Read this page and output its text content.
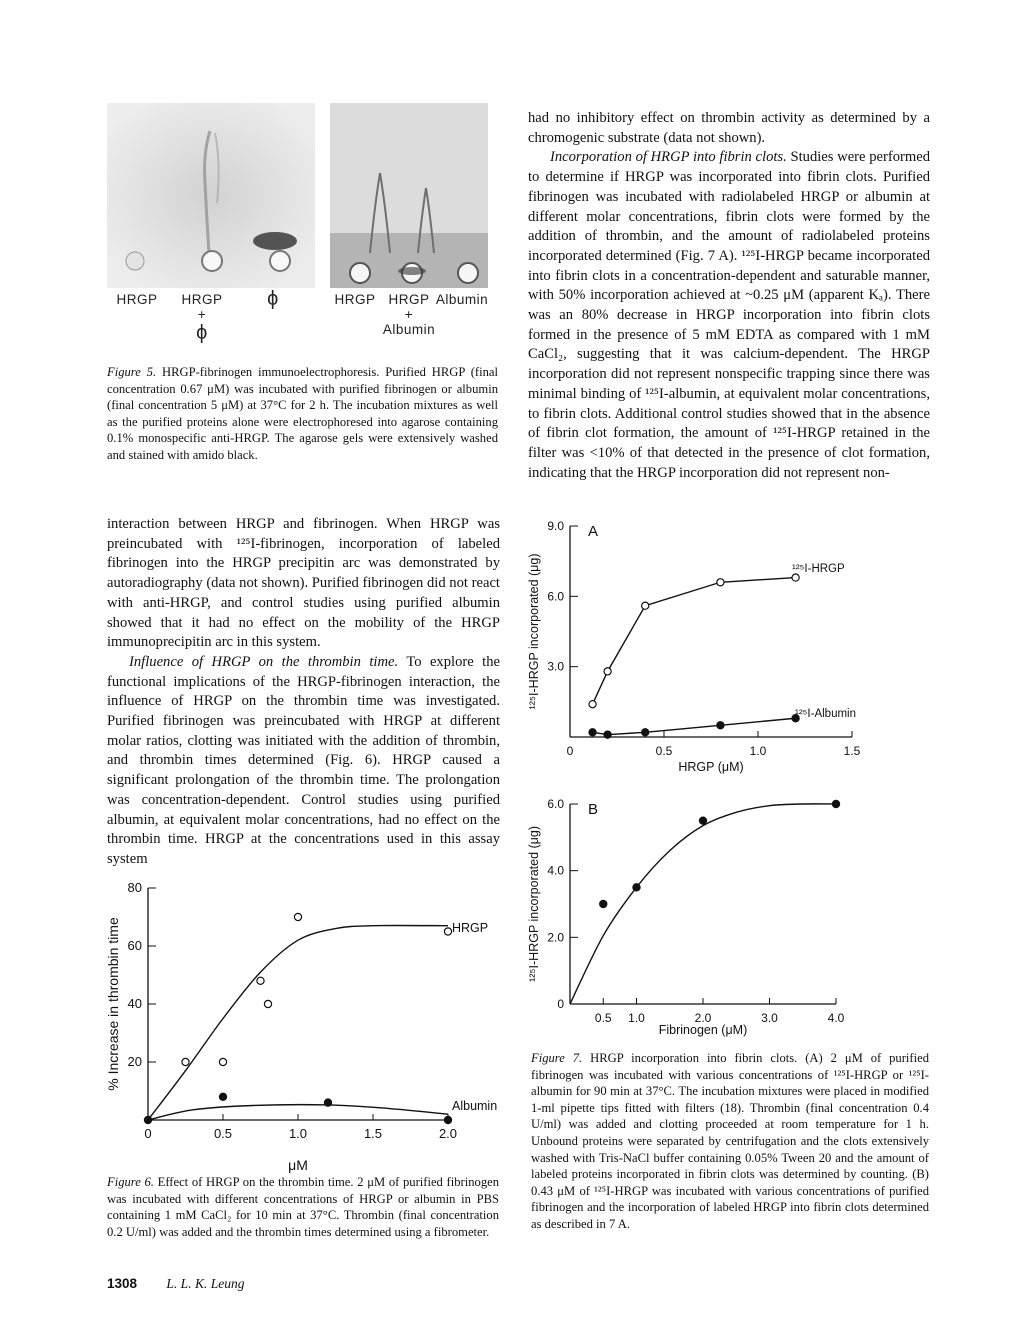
HRGP	HRGP
+
ϕ
ϕ	HRGP HRGP Albumin
+
Albumin
Figure 5. HRGP-fibrinogen immunoelectrophoresis. Purified HRGP (final concentration 0.67 μM) was incubated with purified fibrinogen or albumin (final concentration 5 μM) at 37°C for 2 h. The incubation mixtures as well as the purified proteins alone were electrophoresed into agarose containing 0.1% monospecific anti-HRGP. The agarose gels were extensively washed and stained with amido black.

interaction between HRGP and fibrinogen. When HRGP was preincubated with ¹²⁵I-fibrinogen, incorporation of labeled fibrinogen into the HRGP precipitin arc was demonstrated by autoradiography (data not shown). Purified fibrinogen did not react with anti-HRGP, and control studies using purified albumin showed that it had no effect on the mobility of the HRGP immunoprecipitin arc in this system.

Influence of HRGP on the thrombin time. To explore the functional implications of the HRGP-fibrinogen interaction, the influence of HRGP on the thrombin time was investigated. Purified fibrinogen was preincubated with HRGP at different molar ratios, clotting was initiated with the addition of thrombin, and thrombin times determined (Fig. 6). HRGP caused a significant prolongation of the thrombin time. The prolongation was concentration-dependent. Control studies using purified albumin, at equivalent molar concentrations, had no effect on the thrombin time. HRGP at the concentrations used in this assay system

had no inhibitory effect on thrombin activity as determined by a chromogenic substrate (data not shown).

Incorporation of HRGP into fibrin clots. Studies were performed to determine if HRGP was incorporated into fibrin clots. Purified fibrinogen was incubated with radiolabeled HRGP or albumin at different molar concentrations, fibrin clots were formed by the addition of thrombin, and the amount of radiolabeled proteins incorporated determined (Fig. 7 A). ¹²⁵I-HRGP became incorporated into fibrin clots in a concentration-dependent and saturable manner, with 50% incorporation achieved at ~0.25 μM (apparent Kₐ). There was an 80% decrease in HRGP incorporation into fibrin clots formed in the presence of 5 mM EDTA as compared with 1 mM CaCl₂, suggesting that it was calcium-dependent. The HRGP incorporation did not represent nonspecific trapping since there was minimal binding of ¹²⁵I-albumin, at equivalent molar concentrations, to fibrin clots. Additional control studies showed that in the absence of fibrin clot formation, the amount of ¹²⁵I-HRGP retained in the filter was <10% of that detected in the presence of clot formation, indicating that the HRGP incorporation did not represent non-

0	0.5	1.0	1.5	2.0
20
40
60
80
μM
% Increase in thrombin time	HRGP
Albumin
Figure 6. Effect of HRGP on the thrombin time. 2 μM of purified fibrinogen was incubated with different concentrations of HRGP or albumin in PBS containing 1 mM CaCl₂ for 10 min at 37°C. Thrombin (final concentration 0.2 U/ml) was added and the thrombin times determined using a fibrometer.
0	0.5	1.0	1.5
3.0
6.0
9.0
HRGP (μM)
¹²⁵I-HRGP incorporated (μg)
A
¹²⁵I-HRGP
¹²⁵I-Albumin
0.5 1.0	2.0	3.0	4.0
2.0
4.0
6.0
0
Fibrinogen (μM)
¹²⁵I-HRGP incorporated (μg)
B
Figure 7. HRGP incorporation into fibrin clots. (A) 2 μM of purified fibrinogen was incubated with various concentrations of ¹²⁵I-HRGP or ¹²⁵I-albumin for 90 min at 37°C. The incubation mixtures were placed in modified 1-ml pipette tips fitted with filters (18). Thrombin (final concentration 0.4 U/ml) was added and clotting proceeded at room temperature for 1 h. Unbound proteins were separated by centrifugation and the clots extensively washed with Tris-NaCl buffer containing 0.05% Tween 20 and the amount of labeled proteins incorporated in fibrin clots was determined by counting. (B) 0.43 μM of ¹²⁵I-HRGP was incubated with various concentrations of purified fibrinogen and the incorporation of labeled HRGP into fibrin clots determined as described in 7 A.
1308 L. L. K. Leung
